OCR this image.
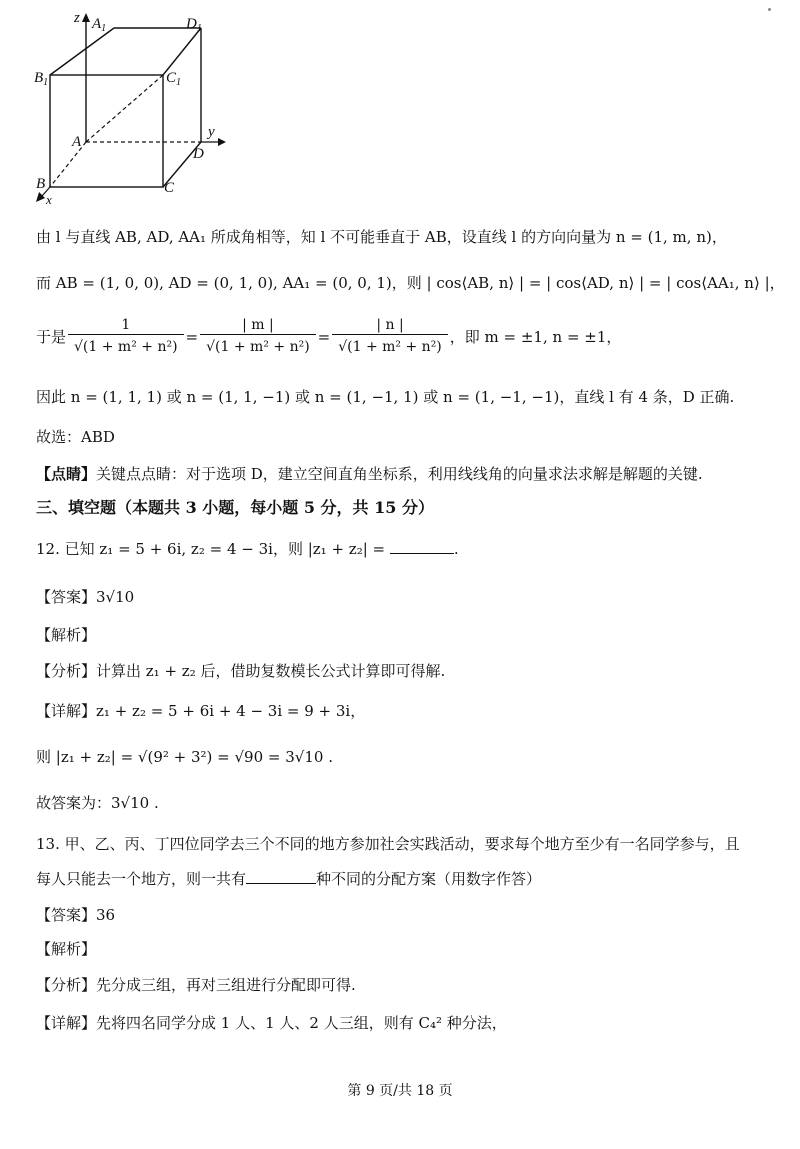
z $A_1$	$D_1$
$B_1$	$C_1$
A
y
D
B	C
x
由 l 与直线 AB, AD, AA₁ 所成角相等，知 l 不可能垂直于 AB，设直线 l 的方向向量为 n = (1, m, n)，
而 AB = (1, 0, 0), AD = (0, 1, 0), AA₁ = (0, 0, 1)，则 | cos⟨AB, n⟩ | = | cos⟨AD, n⟩ | = | cos⟨AA₁, n⟩ |，
于是 $\frac{1}{\text{√(1 + m² + n²)}} = \frac{| m |}{\text{√(1 + m² + n²)}} = \frac{| n |}{\text{√(1 + m² + n²)}}$ ，即 m = ±1, n = ±1，
因此 n = (1, 1, 1) 或 n = (1, 1, −1) 或 n = (1, −1, 1) 或 n = (1, −1, −1)，直线 l 有 4 条，D 正确.
故选：ABD
【点睛】关键点点睛：对于选项 D，建立空间直角坐标系，利用线线角的向量求法求解是解题的关键.
三、填空题（本题共 3 小题，每小题 5 分，共 15 分）
12. 已知 z₁ = 5 + 6i, z₂ = 4 − 3i，则 |z₁ + z₂| =	.
【答案】3√10
【解析】
【分析】计算出 z₁ + z₂ 后，借助复数模长公式计算即可得解.
【详解】z₁ + z₂ = 5 + 6i + 4 − 3i = 9 + 3i，
则 |z₁ + z₂| = √(9² + 3²) = √90 = 3√10 .
故答案为：3√10 .
13. 甲、乙、丙、丁四位同学去三个不同的地方参加社会实践活动，要求每个地方至少有一名同学参与，且
每人只能去一个地方，则一共有	种不同的分配方案（用数字作答）
【答案】36
【解析】
【分析】先分成三组，再对三组进行分配即可得.
【详解】先将四名同学分成 1 人、1 人、2 人三组，则有 C₄² 种分法，
第 9 页/共 18 页
